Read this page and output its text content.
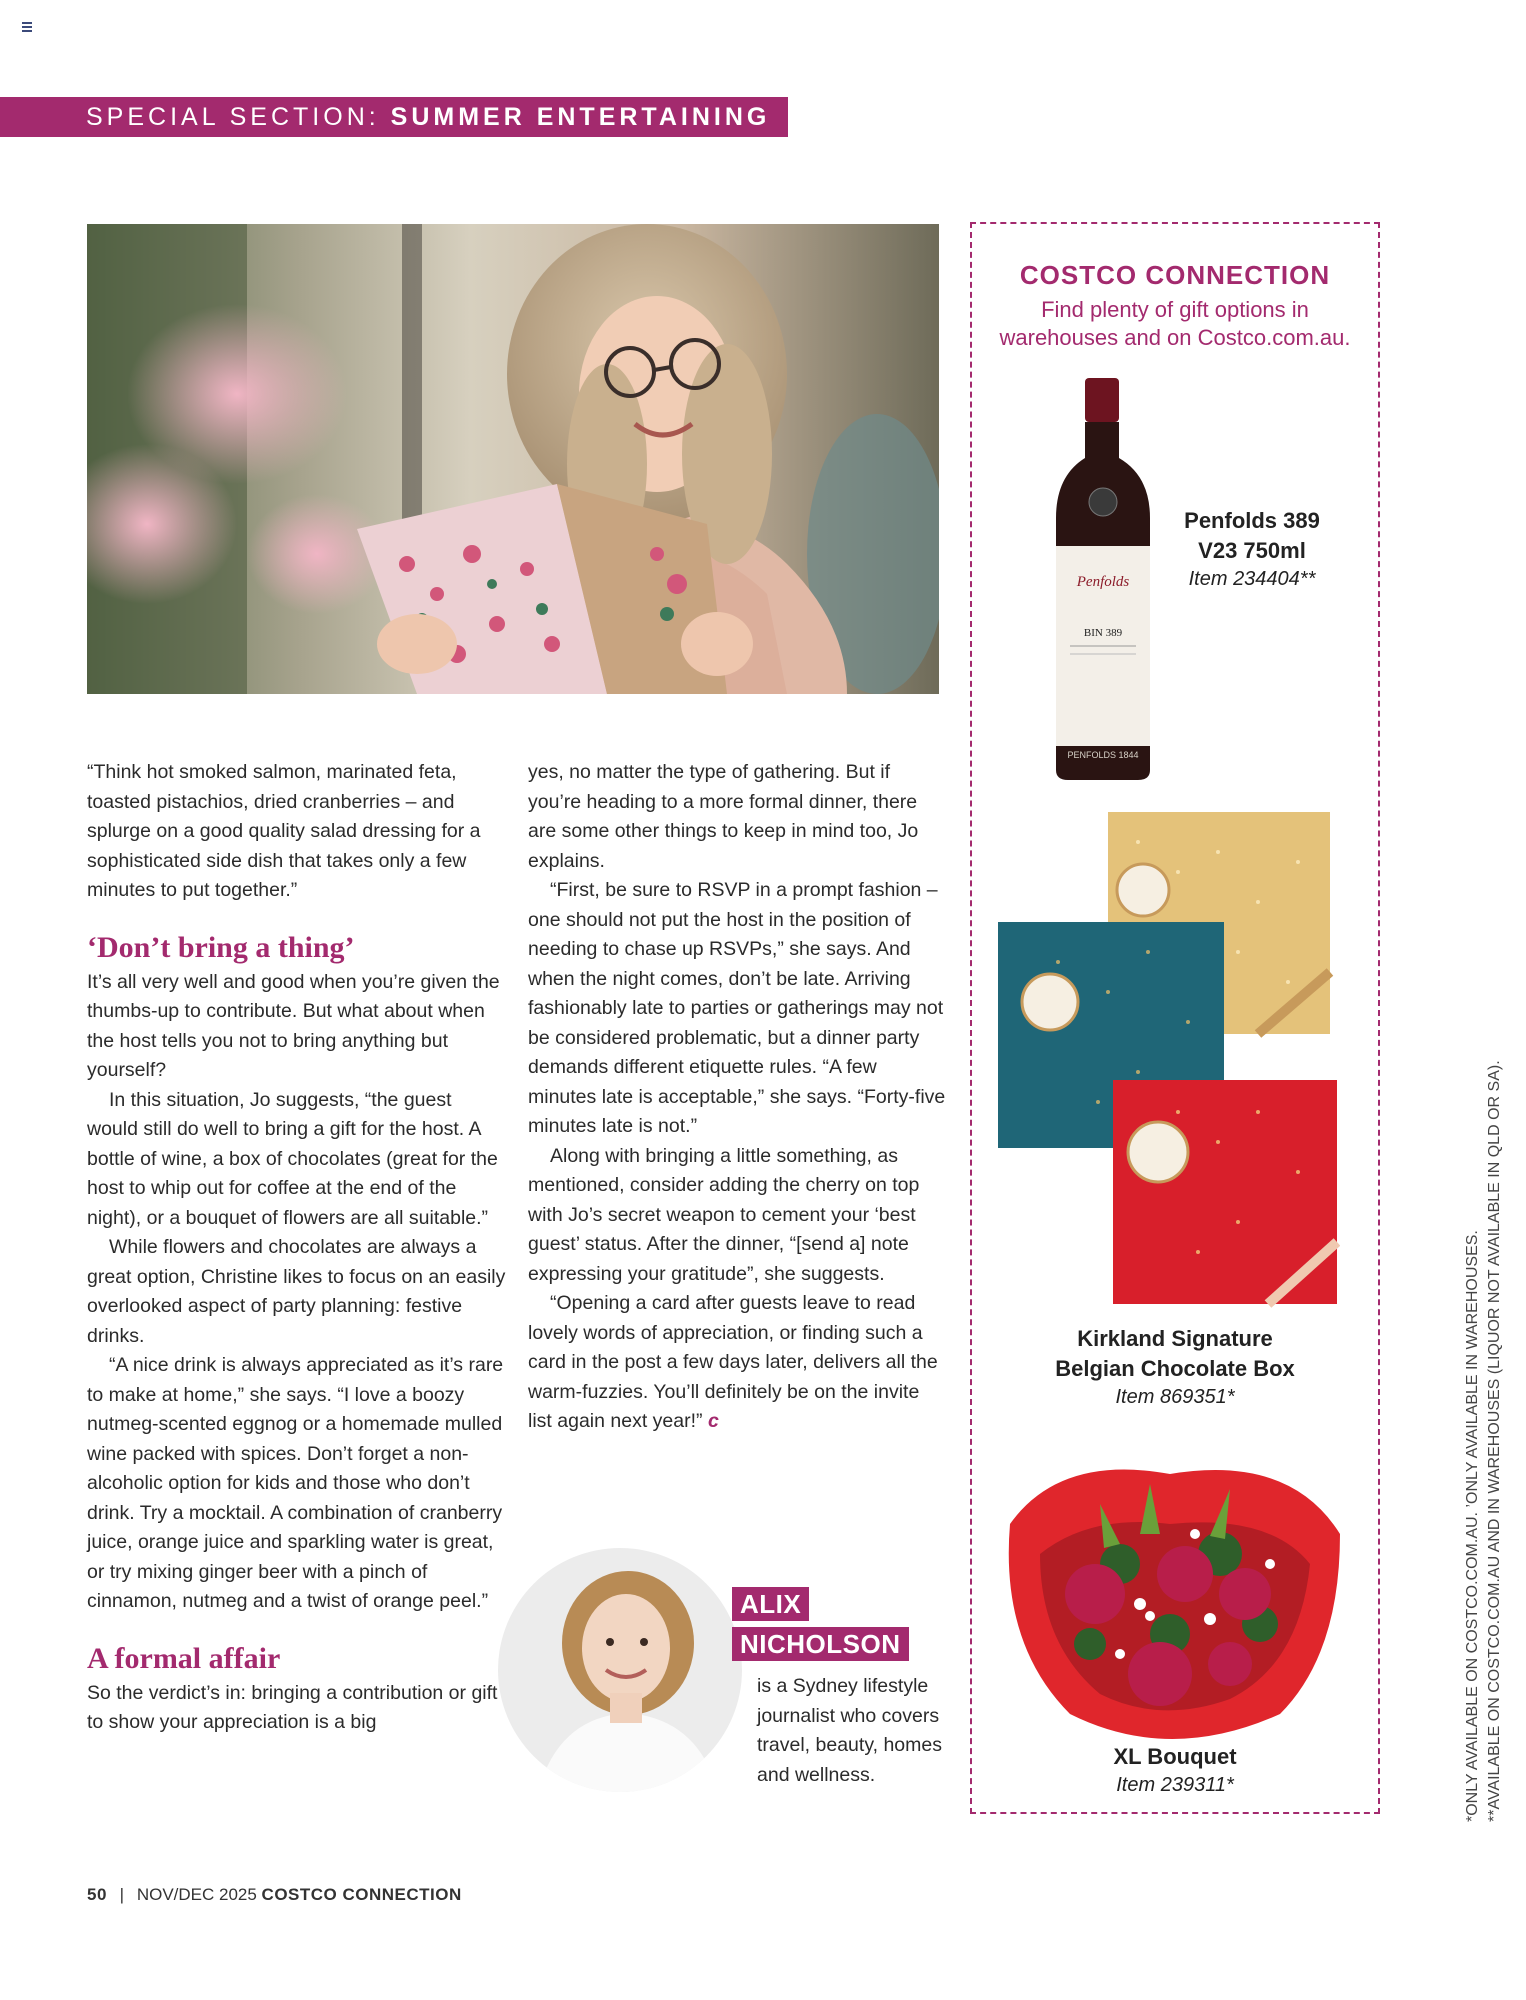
SPECIAL SECTION: SUMMER ENTERTAINING

“Think hot smoked salmon, marinated feta, toasted pistachios, dried cranberries – and splurge on a good quality salad dressing for a sophisticated side dish that takes only a few minutes to put together.”

‘Don’t bring a thing’

It’s all very well and good when you’re given the thumbs-up to contribute. But what about when the host tells you not to bring anything but yourself?

In this situation, Jo suggests, “the guest would still do well to bring a gift for the host. A bottle of wine, a box of chocolates (great for the host to whip out for coffee at the end of the night), or a bouquet of flowers are all suitable.”

While flowers and chocolates are always a great option, Christine likes to focus on an easily overlooked aspect of party planning: festive drinks.

“A nice drink is always appreciated as it’s rare to make at home,” she says. “I love a boozy nutmeg-scented eggnog or a homemade mulled wine packed with spices. Don’t forget a non-alcoholic option for kids and those who don’t drink. Try a mocktail. A combination of cranberry juice, orange juice and sparkling water is great, or try mixing ginger beer with a pinch of cinnamon, nutmeg and a twist of orange peel.”

A formal affair

So the verdict’s in: bringing a contribution or gift to show your appreciation is a big

yes, no matter the type of gathering. But if you’re heading to a more formal dinner, there are some other things to keep in mind too, Jo explains.

“First, be sure to RSVP in a prompt fashion – one should not put the host in the position of needing to chase up RSVPs,” she says. And when the night comes, don’t be late. Arriving fashionably late to parties or gatherings may not be considered problematic, but a dinner party demands different etiquette rules. “A few minutes late is acceptable,” she says. “Forty-five minutes late is not.”

Along with bringing a little something, as mentioned, consider adding the cherry on top with Jo’s secret weapon to cement your ‘best guest’ status. After the dinner, “[send a] note expressing your gratitude”, she suggests.

“Opening a card after guests leave to read lovely words of appreciation, or finding such a card in the post a few days later, delivers all the warm-fuzzies. You’ll definitely be on the invite list again next year!” c

ALIX
NICHOLSON
is a Sydney lifestyle journalist who covers travel, beauty, homes and wellness.
COSTCO CONNECTION
Find plenty of gift options in warehouses and on Costco.com.au.
Penfolds
BIN 389
PENFOLDS 1844
Penfolds 389
V23 750ml
Item 234404**
Kirkland Signature
Belgian Chocolate Box
Item 869351*
XL Bouquet
Item 239311*	*ONLY AVAILABLE ON COSTCO.COM.AU. ’ONLY AVAILABLE IN WAREHOUSES. **AVAILABLE ON COSTCO.COM.AU AND IN WAREHOUSES (LIQUOR NOT AVAILABLE IN QLD OR SA).
50 | NOV/DEC 2025 COSTCO CONNECTION
